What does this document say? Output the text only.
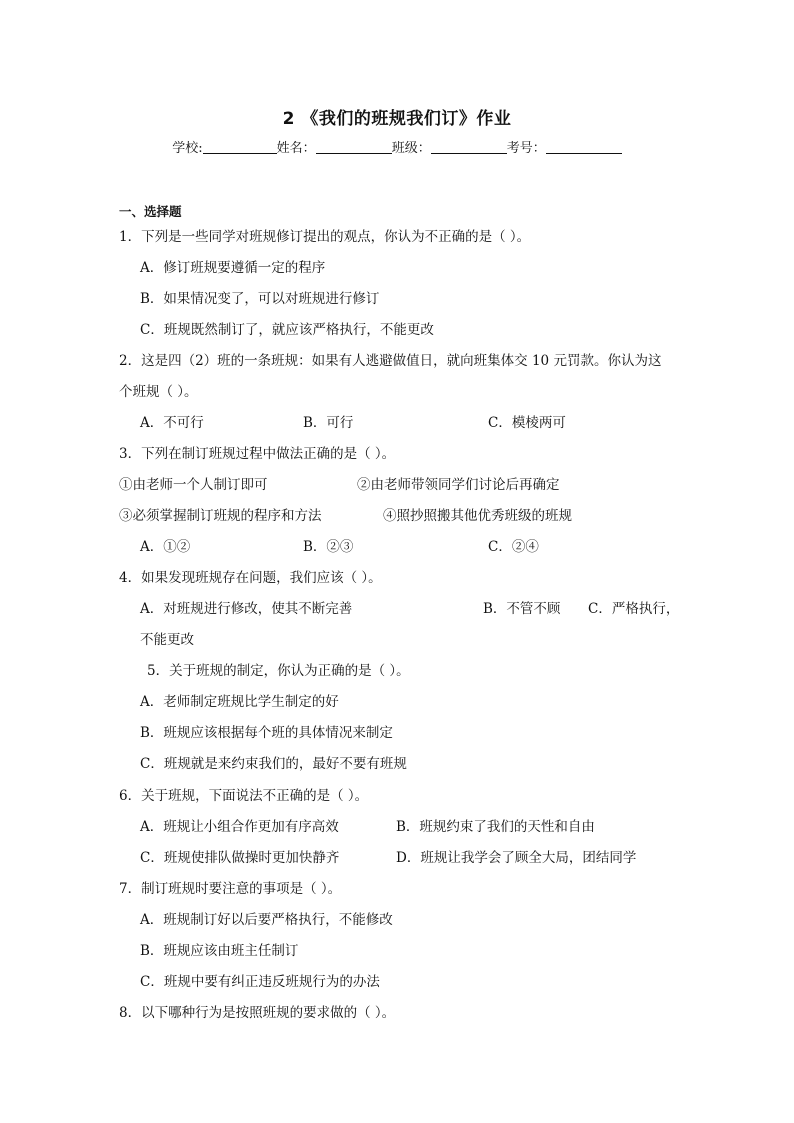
2 《我们的班规我们订》作业
学校:	姓名：	班级：	考号：
一、选择题
1．下列是一些同学对班规修订提出的观点，你认为不正确的是（ ）。
A．修订班规要遵循一定的程序
B．如果情况变了，可以对班规进行修订
C．班规既然制订了，就应该严格执行，不能更改
2．这是四（2）班的一条班规：如果有人逃避做值日，就向班集体交 10 元罚款。你认为这
个班规（ ）。
A．不可行	B．可行	C．模棱两可
3．下列在制订班规过程中做法正确的是（ ）。
①由老师一个人制订即可	②由老师带领同学们讨论后再确定
③必须掌握制订班规的程序和方法	④照抄照搬其他优秀班级的班规
A．①②	B．②③	C．②④
4．如果发现班规存在问题，我们应该（ ）。
A．对班规进行修改，使其不断完善	B．不管不顾 C．严格执行，
不能更改
5．关于班规的制定，你认为正确的是（ ）。
A．老师制定班规比学生制定的好
B．班规应该根据每个班的具体情况来制定
C．班规就是来约束我们的，最好不要有班规
6．关于班规，下面说法不正确的是（ ）。
A．班规让小组合作更加有序高效	B．班规约束了我们的天性和自由
C．班规使排队做操时更加快静齐	D．班规让我学会了顾全大局，团结同学
7．制订班规时要注意的事项是（ ）。
A．班规制订好以后要严格执行，不能修改
B．班规应该由班主任制订
C．班规中要有纠正违反班规行为的办法
8．以下哪种行为是按照班规的要求做的（ ）。
